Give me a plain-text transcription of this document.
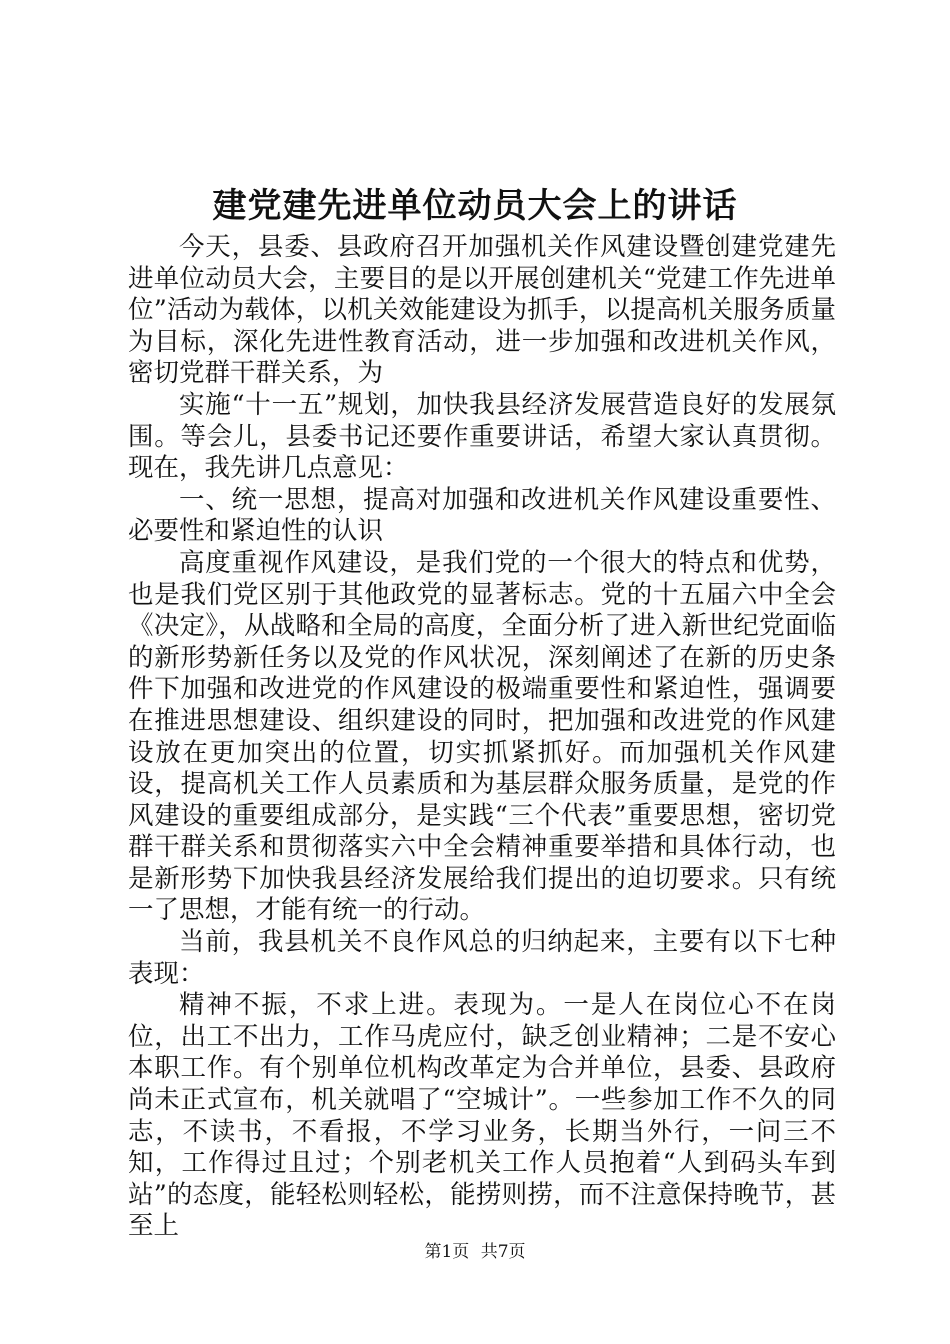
建党建先进单位动员大会上的讲话

今天，县委、县政府召开加强机关作风建设暨创建党建先进单位动员大会，主要目的是以开展创建机关“党建工作先进单位”活动为载体，以机关效能建设为抓手，以提高机关服务质量为目标，深化先进性教育活动，进一步加强和改进机关作风，密切党群干群关系，为

实施“十一五”规划，加快我县经济发展营造良好的发展氛围。等会儿，县委书记还要作重要讲话，希望大家认真贯彻。现在，我先讲几点意见：

一、统一思想，提高对加强和改进机关作风建设重要性、必要性和紧迫性的认识

高度重视作风建设，是我们党的一个很大的特点和优势，也是我们党区别于其他政党的显著标志。党的十五届六中全会《决定》，从战略和全局的高度，全面分析了进入新世纪党面临的新形势新任务以及党的作风状况，深刻阐述了在新的历史条件下加强和改进党的作风建设的极端重要性和紧迫性，强调要在推进思想建设、组织建设的同时，把加强和改进党的作风建设放在更加突出的位置，切实抓紧抓好。而加强机关作风建设，提高机关工作人员素质和为基层群众服务质量，是党的作风建设的重要组成部分，是实践“三个代表”重要思想，密切党群干群关系和贯彻落实六中全会精神重要举措和具体行动，也是新形势下加快我县经济发展给我们提出的迫切要求。只有统一了思想，才能有统一的行动。

当前，我县机关不良作风总的归纳起来，主要有以下七种表现：

精神不振，不求上进。表现为。一是人在岗位心不在岗位，出工不出力，工作马虎应付，缺乏创业精神；二是不安心本职工作。有个别单位机构改革定为合并单位，县委、县政府尚未正式宣布，机关就唱了“空城计”。一些参加工作不久的同志，不读书，不看报，不学习业务，长期当外行，一问三不知，工作得过且过；个别老机关工作人员抱着“人到码头车到站”的态度，能轻松则轻松，能捞则捞，而不注意保持晚节，甚至上

第1页 共7页
